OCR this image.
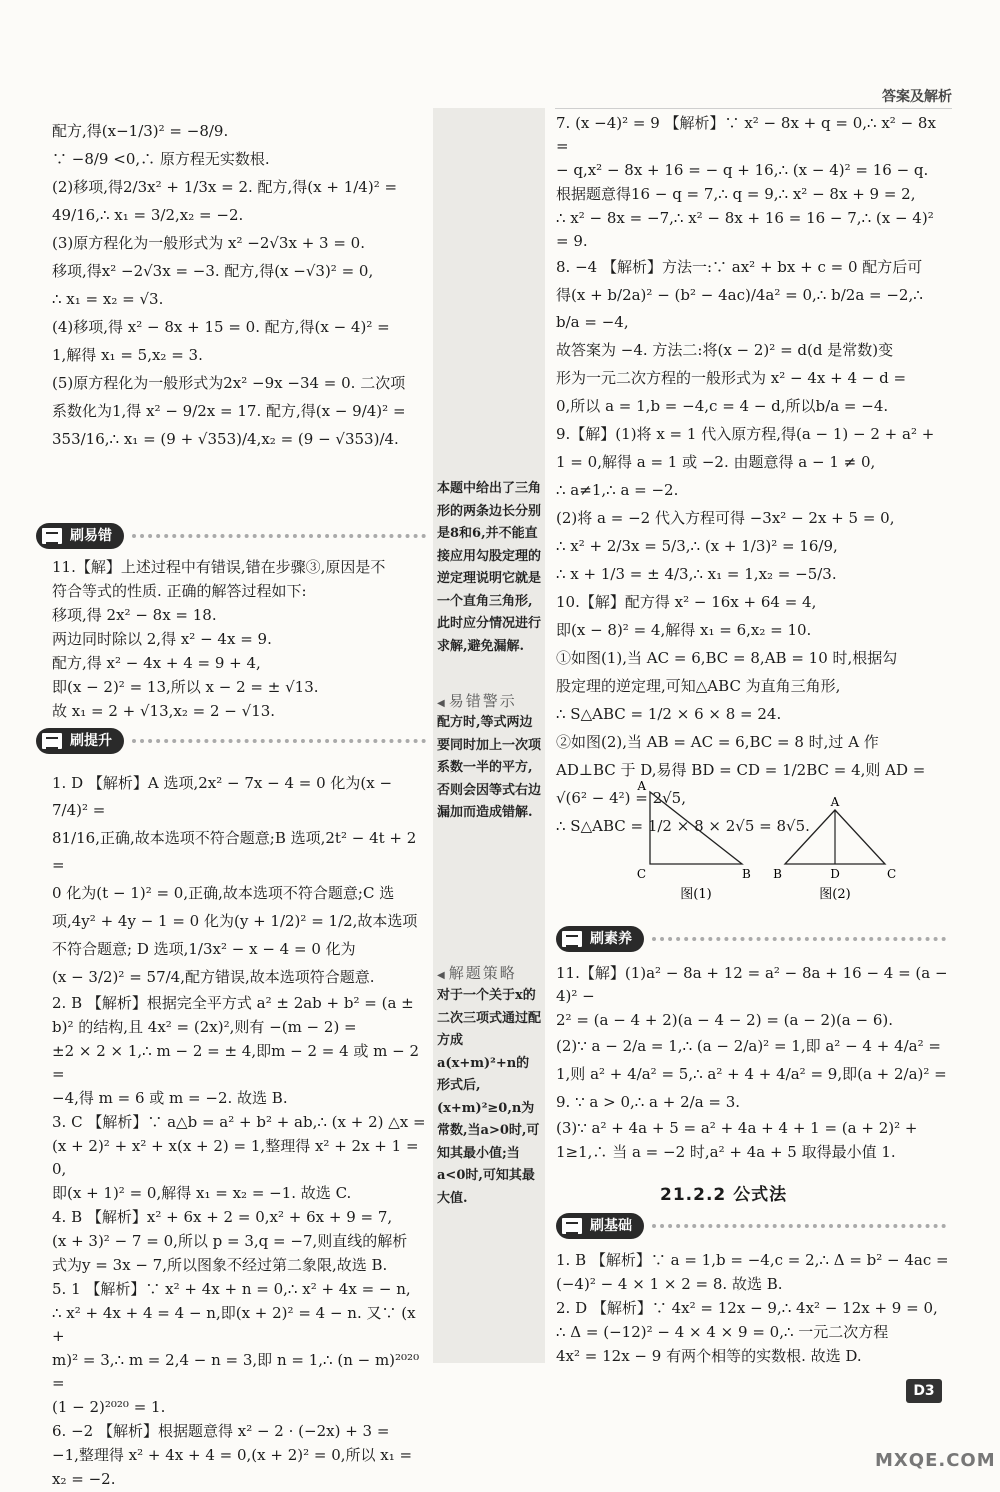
答案及解析
本题中给出了三角形的两条边长分别是8和6,并不能直接应用勾股定理的逆定理说明它就是一个直角三角形,此时应分情况进行求解,避免漏解.
◀ 易错警示
配方时,等式两边要同时加上一次项系数一半的平方,否则会因等式右边漏加而造成错解.
◀ 解题策略
对于一个关于x的二次三项式通过配方成a(x+m)²+n的形式后,(x+m)²≥0,n为常数,当a>0时,可知其最小值;当a<0时,可知其最大值.

配方,得(x−1/3)² = −8/9.

∵ −8/9 <0,∴ 原方程无实数根.

(2)移项,得2/3x² + 1/3x = 2. 配方,得(x + 1/4)² =

49/16,∴ x₁ = 3/2,x₂ = −2.

(3)原方程化为一般形式为 x² −2√3x + 3 = 0.

移项,得x² −2√3x = −3. 配方,得(x −√3)² = 0,

∴ x₁ = x₂ = √3.

(4)移项,得 x² − 8x + 15 = 0. 配方,得(x − 4)² =

1,解得 x₁ = 5,x₂ = 3.

(5)原方程化为一般形式为2x² −9x −34 = 0. 二次项

系数化为1,得 x² − 9/2x = 17. 配方,得(x − 9/4)² =

353/16,∴ x₁ = (9 + √353)/4,x₂ = (9 − √353)/4.

刷易错

11.【解】上述过程中有错误,错在步骤③,原因是不

符合等式的性质. 正确的解答过程如下:

移项,得 2x² − 8x = 18.

两边同时除以 2,得 x² − 4x = 9.

配方,得 x² − 4x + 4 = 9 + 4,

即(x − 2)² = 13,所以 x − 2 = ± √13.

故 x₁ = 2 + √13,x₂ = 2 − √13.

刷提升

1. D 【解析】A 选项,2x² − 7x − 4 = 0 化为(x − 7/4)² =

81/16,正确,故本选项不符合题意;B 选项,2t² − 4t + 2 =

0 化为(t − 1)² = 0,正确,故本选项不符合题意;C 选

项,4y² + 4y − 1 = 0 化为(y + 1/2)² = 1/2,故本选项

不符合题意; D 选项,1/3x² − x − 4 = 0 化为

(x − 3/2)² = 57/4,配方错误,故本选项符合题意.

2. B 【解析】根据完全平方式 a² ± 2ab + b² = (a ±

b)² 的结构,且 4x² = (2x)²,则有 −(m − 2) =

±2 × 2 × 1,∴ m − 2 = ± 4,即m − 2 = 4 或 m − 2 =

−4,得 m = 6 或 m = −2. 故选 B.

3. C 【解析】∵ a△b = a² + b² + ab,∴ (x + 2) △x =

(x + 2)² + x² + x(x + 2) = 1,整理得 x² + 2x + 1 = 0,

即(x + 1)² = 0,解得 x₁ = x₂ = −1. 故选 C.

4. B 【解析】x² + 6x + 2 = 0,x² + 6x + 9 = 7,

(x + 3)² − 7 = 0,所以 p = 3,q = −7,则直线的解析

式为y = 3x − 7,所以图象不经过第二象限,故选 B.

5. 1 【解析】∵ x² + 4x + n = 0,∴ x² + 4x = − n,

∴ x² + 4x + 4 = 4 − n,即(x + 2)² = 4 − n. 又∵ (x +

m)² = 3,∴ m = 2,4 − n = 3,即 n = 1,∴ (n − m)²⁰²⁰ =

(1 − 2)²⁰²⁰ = 1.

6. −2 【解析】根据题意得 x² − 2 · (−2x) + 3 =

−1,整理得 x² + 4x + 4 = 0,(x + 2)² = 0,所以 x₁ =

x₂ = −2.

7. (x −4)² = 9 【解析】∵ x² − 8x + q = 0,∴ x² − 8x =

− q,x² − 8x + 16 = − q + 16,∴ (x − 4)² = 16 − q.

根据题意得16 − q = 7,∴ q = 9,∴ x² − 8x + 9 = 2,

∴ x² − 8x = −7,∴ x² − 8x + 16 = 16 − 7,∴ (x − 4)² = 9.

8. −4 【解析】方法一:∵ ax² + bx + c = 0 配方后可

得(x + b/2a)² − (b² − 4ac)/4a² = 0,∴ b/2a = −2,∴ b/a = −4,

故答案为 −4. 方法二:将(x − 2)² = d(d 是常数)变

形为一元二次方程的一般形式为 x² − 4x + 4 − d =

0,所以 a = 1,b = −4,c = 4 − d,所以b/a = −4.

9.【解】(1)将 x = 1 代入原方程,得(a − 1) − 2 + a² +

1 = 0,解得 a = 1 或 −2. 由题意得 a − 1 ≠ 0,

∴ a≠1,∴ a = −2.

(2)将 a = −2 代入方程可得 −3x² − 2x + 5 = 0,

∴ x² + 2/3x = 5/3,∴ (x + 1/3)² = 16/9,

∴ x + 1/3 = ± 4/3,∴ x₁ = 1,x₂ = −5/3.

10.【解】配方得 x² − 16x + 64 = 4,

即(x − 8)² = 4,解得 x₁ = 6,x₂ = 10.

①如图(1),当 AC = 6,BC = 8,AB = 10 时,根据勾

股定理的逆定理,可知△ABC 为直角三角形,

∴ S△ABC = 1/2 × 6 × 8 = 24.

②如图(2),当 AB = AC = 6,BC = 8 时,过 A 作

AD⊥BC 于 D,易得 BD = CD = 1/2BC = 4,则 AD =

√(6² − 4²) = 2√5,

∴ S△ABC = 1/2 × 8 × 2√5 = 8√5.

A
C	B
A
B	D	C
图(1)	图(2)
刷素养

11.【解】(1)a² − 8a + 12 = a² − 8a + 16 − 4 = (a − 4)² −

2² = (a − 4 + 2)(a − 4 − 2) = (a − 2)(a − 6).

(2)∵ a − 2/a = 1,∴ (a − 2/a)² = 1,即 a² − 4 + 4/a² =

1,则 a² + 4/a² = 5,∴ a² + 4 + 4/a² = 9,即(a + 2/a)² =

9. ∵ a > 0,∴ a + 2/a = 3.

(3)∵ a² + 4a + 5 = a² + 4a + 4 + 1 = (a + 2)² +

1≥1,∴ 当 a = −2 时,a² + 4a + 5 取得最小值 1.

21.2.2 公式法
刷基础

1. B 【解析】∵ a = 1,b = −4,c = 2,∴ Δ = b² − 4ac =

(−4)² − 4 × 1 × 2 = 8. 故选 B.

2. D 【解析】∵ 4x² = 12x − 9,∴ 4x² − 12x + 9 = 0,

∴ Δ = (−12)² − 4 × 4 × 9 = 0,∴ 一元二次方程

4x² = 12x − 9 有两个相等的实数根. 故选 D.

D3
MXQE.COM
